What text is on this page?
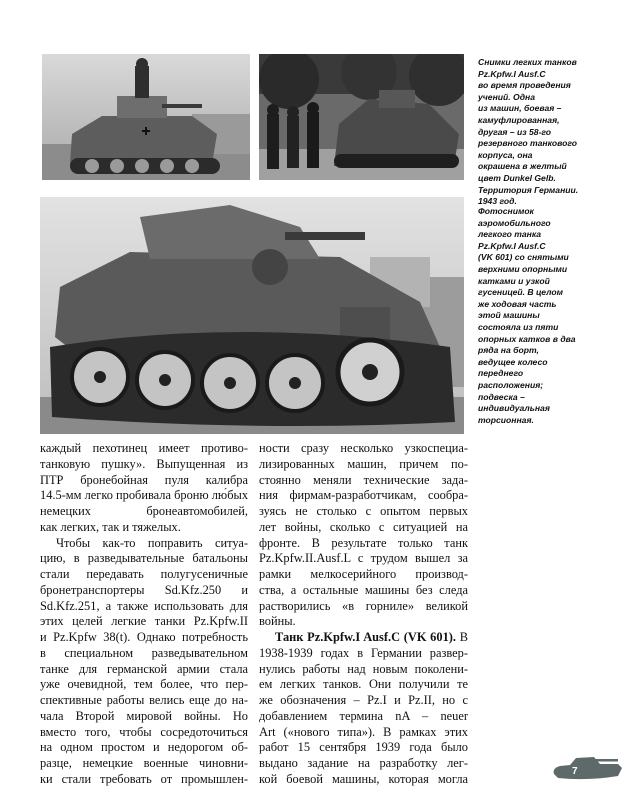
Снимки легких танков
Pz.Kpfw.I Ausf.C
во время проведения
учений. Одна
из машин, боевая –
камуфлированная,
другая – из 58-го
резервного танкового
корпуса, она
окрашена в желтый
цвет Dunkel Gelb.
Территория Германии.
1943 год.
Фотоснимок
аэромобильного
легкого танка
Pz.Kpfw.I Ausf.C
(VK 601) со снятыми
верхними опорными
катками и узкой
гусеницей. В целом
же ходовая часть
этой машины
состояла из пяти
опорных катков в два
ряда на борт,
ведущее колесо
переднего
расположения;
подвеска –
индивидуальная
торсионная.
каждый пехотинец имеет противо-
танковую пушку». Выпущенная из
ПТР бронебойная пуля калибра
14.5-мм легко пробивала броню лю́бых
немецких бронеавтомобилей,
как легких, так и тяжелых.
Чтобы как-то поправить ситуа-
цию, в разведывательные батальоны
стали передавать полугусеничные
бронетранспортеры Sd.Kfz.250 и
Sd.Kfz.251, а также использовать для
этих целей легкие танки Pz.Kpfw.II
и Pz.Kpfw 38(t). Однако потребность
в специальном разведывательном
танке для германской армии стала
уже очевидной, тем более, что пер-
спективные работы велись еще до на-
чала Второй мировой войны. Но
вместо того, чтобы сосредоточиться
на одном простом и недорогом об-
разце, немецкие военные чиновни-
ки стали требовать от промышлен-
ности сразу несколько узкоспециа-
лизированных машин, причем по-
стоянно меняли технические зада-
ния фирмам-разработчикам, сообра-
зуясь не столько с опытом первых
лет войны, сколько с ситуацией на
фронте. В результате только танк
Pz.Kpfw.II.Ausf.L с трудом вышел за
рамки мелкосерийного производ-
ства, а остальные машины без следа
растворились «в горниле» великой
войны.
Танк Pz.Kpfw.I Ausf.C (VK 601). В
1938-1939 годах в Германии развер-
нулись работы над новым поколени-
ем легких танков. Они получили те
же обозначения – Pz.I и Pz.II, но с
добавлением термина nA – neuer
Art («нового типа»). В рамках этих
работ 15 сентября 1939 года было
выдано задание на разработку лег-
кой боевой машины, которая могла
7
